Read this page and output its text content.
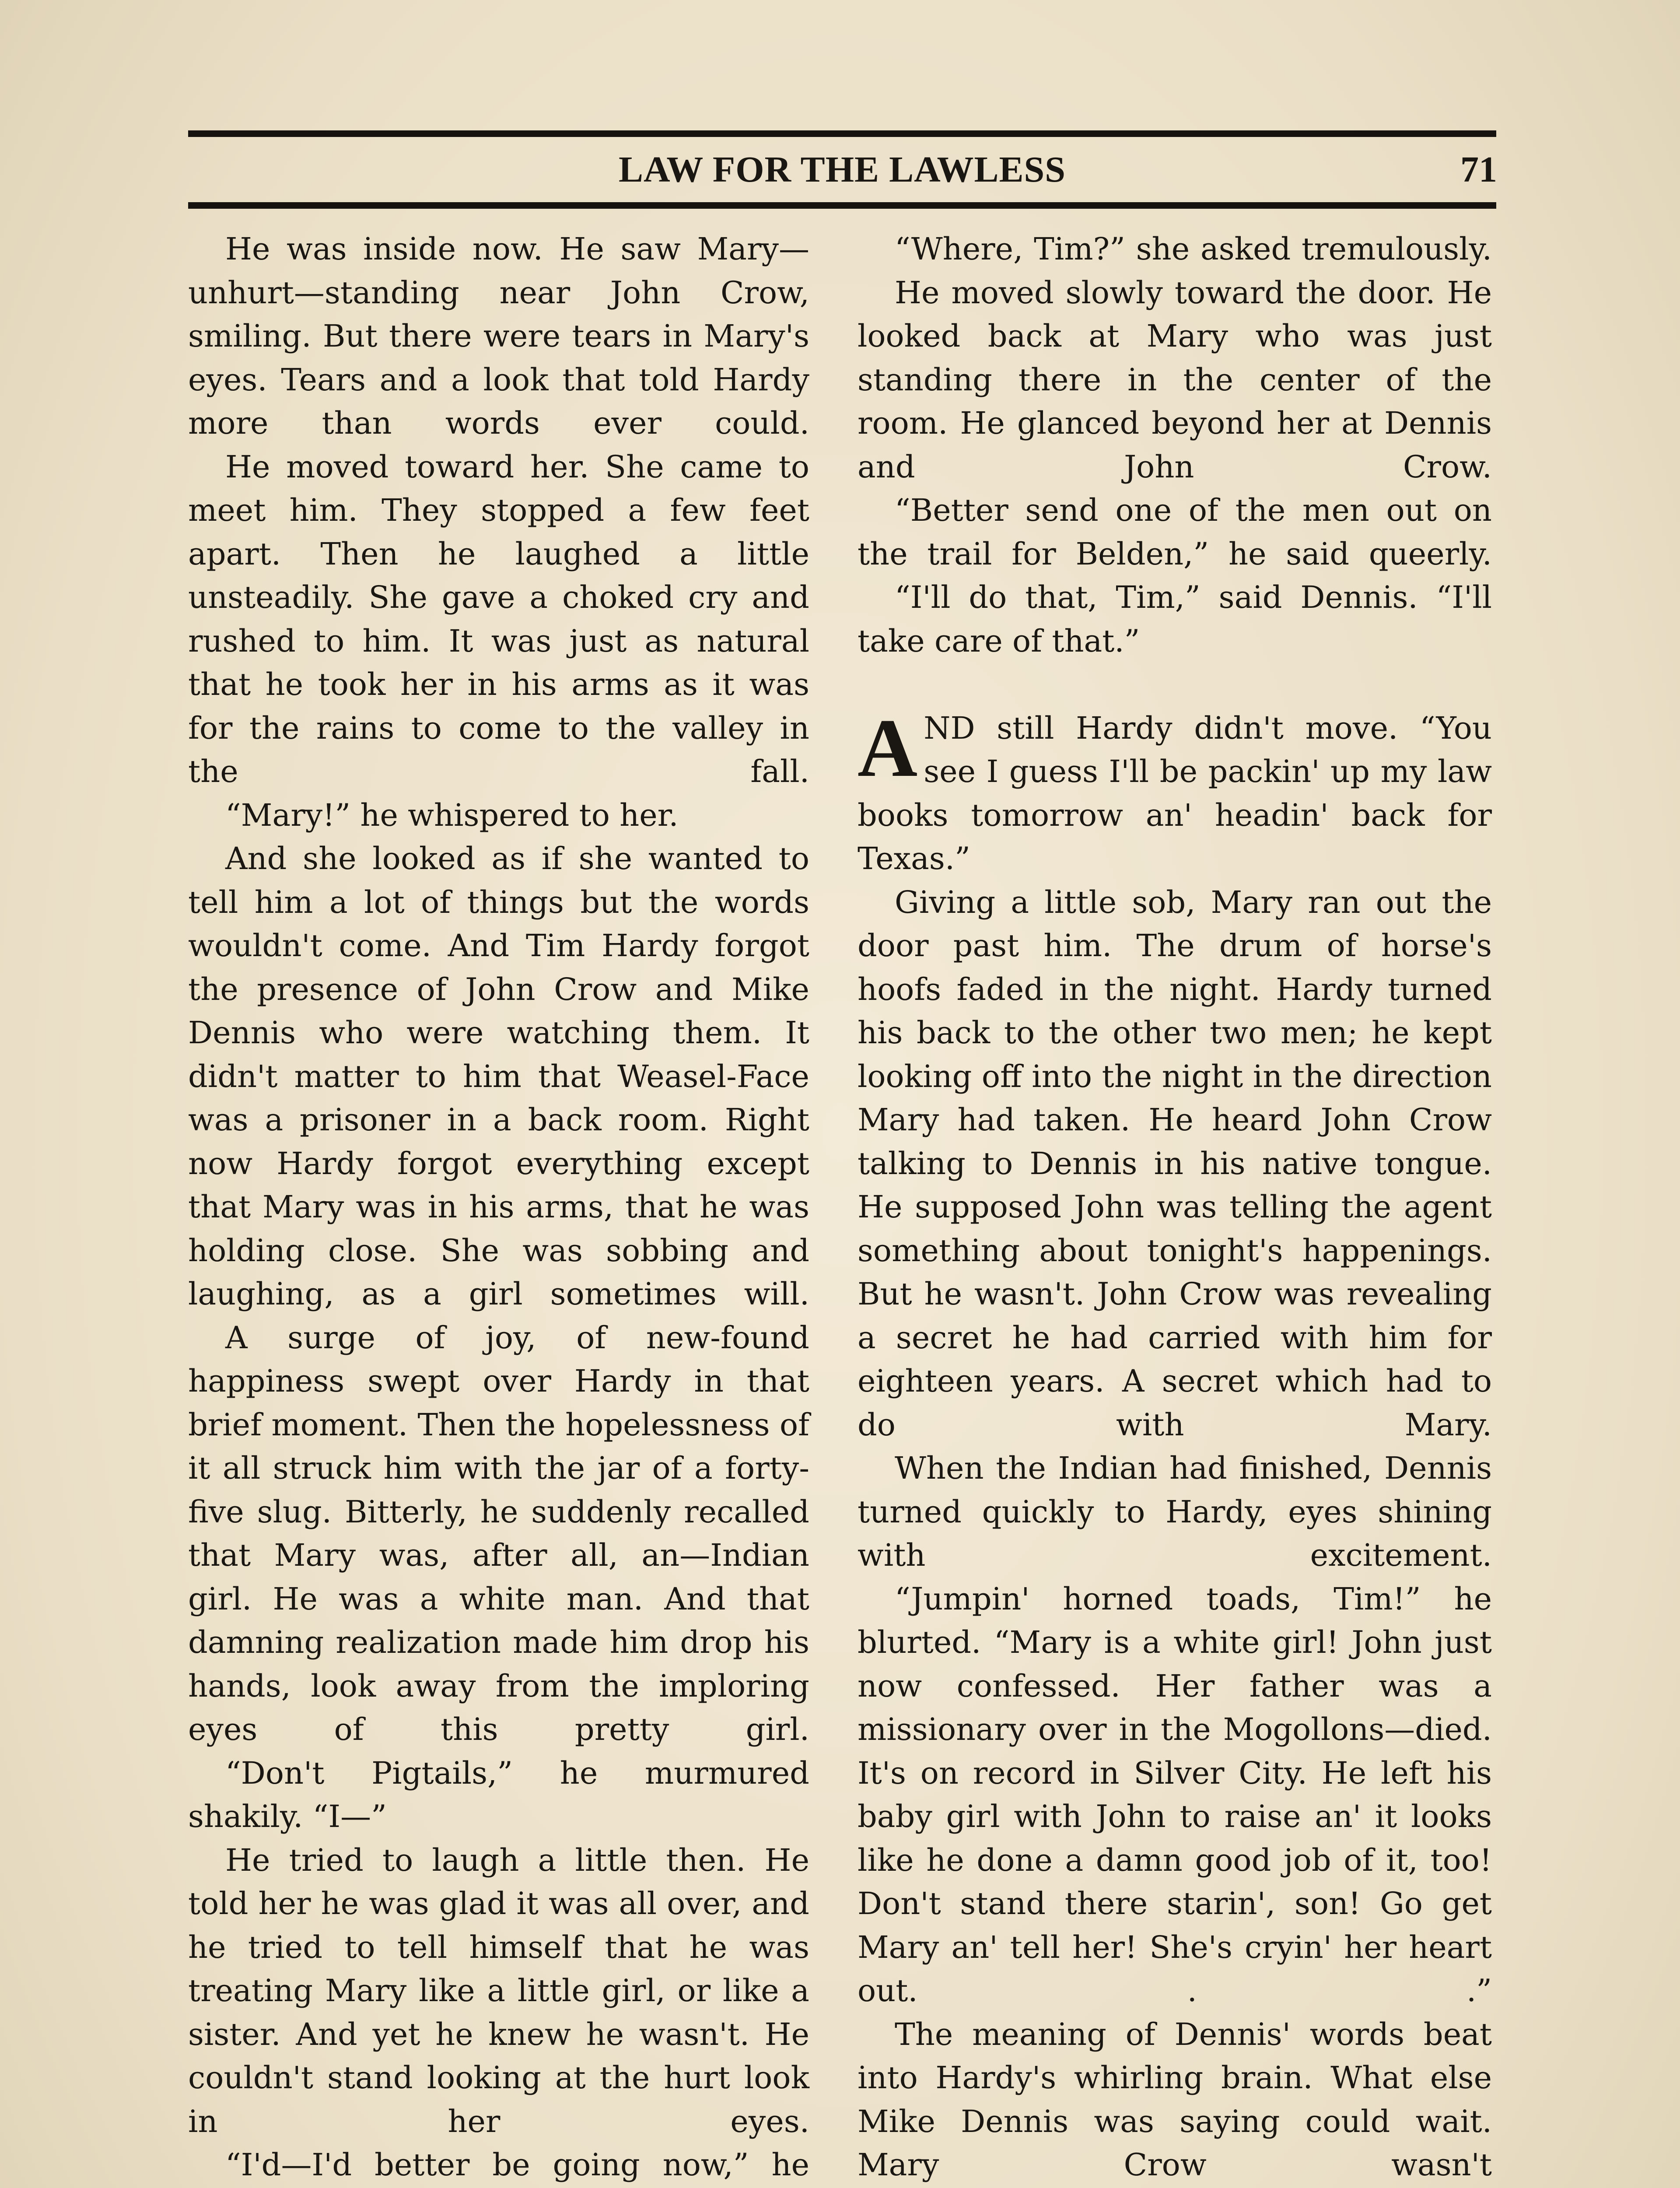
LAW FOR THE LAWLESS	71

He was inside now. He saw Mary—unhurt—standing near John Crow, smiling. But there were tears in Mary's eyes. Tears and a look that told Hardy more than words ever could.

He moved toward her. She came to meet him. They stopped a few feet apart. Then he laughed a little unsteadily. She gave a choked cry and rushed to him. It was just as natural that he took her in his arms as it was for the rains to come to the valley in the fall.

“Mary!” he whispered to her.

And she looked as if she wanted to tell him a lot of things but the words wouldn't come. And Tim Hardy forgot the presence of John Crow and Mike Dennis who were watching them. It didn't matter to him that Weasel-Face was a prisoner in a back room. Right now Hardy forgot everything except that Mary was in his arms, that he was holding close. She was sobbing and laughing, as a girl sometimes will.

A surge of joy, of new-found happiness swept over Hardy in that brief moment. Then the hopelessness of it all struck him with the jar of a forty-five slug. Bitterly, he suddenly recalled that Mary was, after all, an—Indian girl. He was a white man. And that damning realization made him drop his hands, look away from the imploring eyes of this pretty girl.

“Don't Pigtails,” he murmured shakily. “I—”

He tried to laugh a little then. He told her he was glad it was all over, and he tried to tell himself that he was treating Mary like a little girl, or like a sister. And yet he knew he wasn't. He couldn't stand looking at the hurt look in her eyes.

“I'd—I'd better be going now,” he

“Where, Tim?” she asked tremulously.

He moved slowly toward the door. He looked back at Mary who was just standing there in the center of the room. He glanced beyond her at Dennis and John Crow.

“Better send one of the men out on the trail for Belden,” he said queerly.

“I'll do that, Tim,” said Dennis. “I'll take care of that.”

AND still Hardy didn't move. “You see I guess I'll be packin' up my law books tomorrow an' headin' back for Texas.”

Giving a little sob, Mary ran out the door past him. The drum of horse's hoofs faded in the night. Hardy turned his back to the other two men; he kept looking off into the night in the direction Mary had taken. He heard John Crow talking to Dennis in his native tongue. He supposed John was telling the agent something about tonight's happenings. But he wasn't. John Crow was revealing a secret he had carried with him for eighteen years. A secret which had to do with Mary.

When the Indian had finished, Dennis turned quickly to Hardy, eyes shining with excitement.

“Jumpin' horned toads, Tim!” he blurted. “Mary is a white girl! John just now confessed. Her father was a missionary over in the Mogollons—died. It's on record in Silver City. He left his baby girl with John to raise an' it looks like he done a damn good job of it, too! Don't stand there starin', son! Go get Mary an' tell her! She's cryin' her heart out. . .”

The meaning of Dennis' words beat into Hardy's whirling brain. What else Mike Dennis was saying could wait. Mary Crow wasn't
